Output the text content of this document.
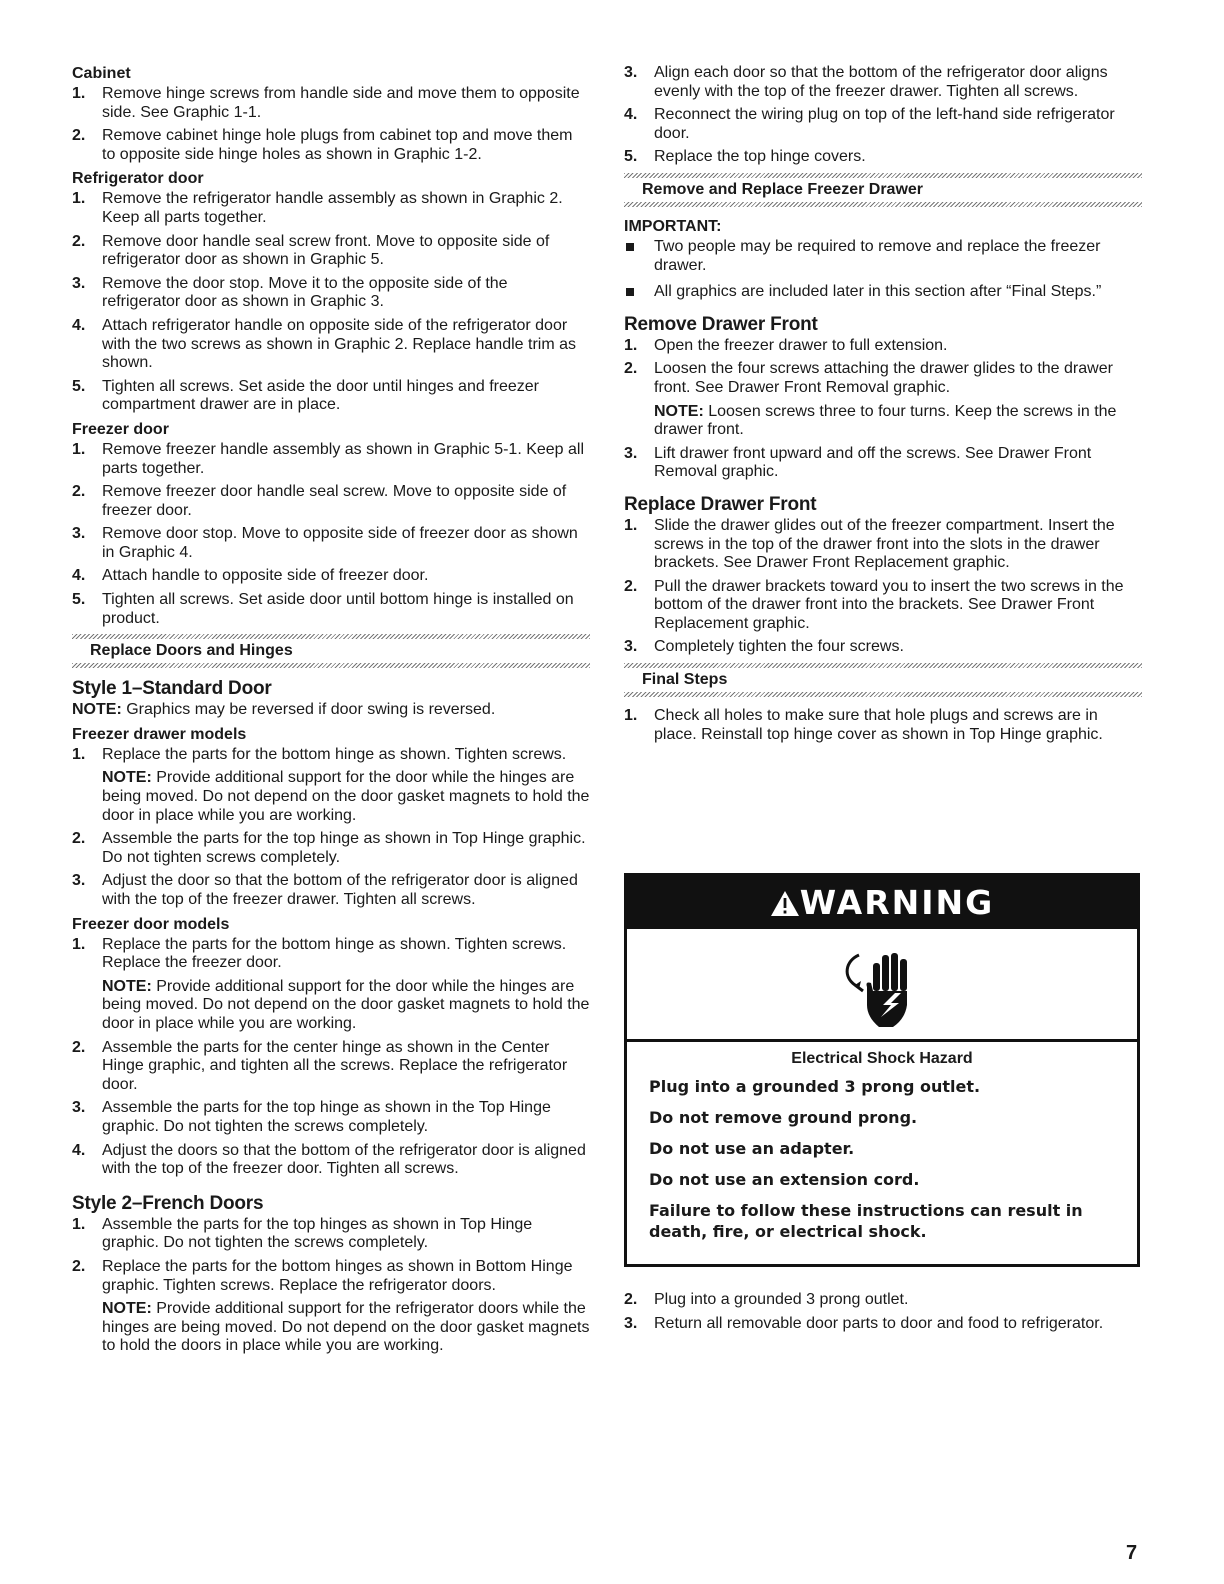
Cabinet
1. Remove hinge screws from handle side and move them to opposite side. See Graphic 1-1.
2. Remove cabinet hinge hole plugs from cabinet top and move them to opposite side hinge holes as shown in Graphic 1-2.
Refrigerator door
1. Remove the refrigerator handle assembly as shown in Graphic 2. Keep all parts together.
2. Remove door handle seal screw front. Move to opposite side of refrigerator door as shown in Graphic 5.
3. Remove the door stop. Move it to the opposite side of the refrigerator door as shown in Graphic 3.
4. Attach refrigerator handle on opposite side of the refrigerator door with the two screws as shown in Graphic 2. Replace handle trim as shown.
5. Tighten all screws. Set aside the door until hinges and freezer compartment drawer are in place.
Freezer door
1. Remove freezer handle assembly as shown in Graphic 5-1. Keep all parts together.
2. Remove freezer door handle seal screw. Move to opposite side of freezer door.
3. Remove door stop. Move to opposite side of freezer door as shown in Graphic 4.
4. Attach handle to opposite side of freezer door.
5. Tighten all screws. Set aside door until bottom hinge is installed on product.
Replace Doors and Hinges
Style 1–Standard Door
NOTE: Graphics may be reversed if door swing is reversed.
Freezer drawer models
1. Replace the parts for the bottom hinge as shown. Tighten screws.
NOTE: Provide additional support for the door while the hinges are being moved. Do not depend on the door gasket magnets to hold the door in place while you are working.
2. Assemble the parts for the top hinge as shown in Top Hinge graphic. Do not tighten screws completely.
3. Adjust the door so that the bottom of the refrigerator door is aligned with the top of the freezer drawer. Tighten all screws.
Freezer door models
1. Replace the parts for the bottom hinge as shown. Tighten screws. Replace the freezer door.
NOTE: Provide additional support for the door while the hinges are being moved. Do not depend on the door gasket magnets to hold the door in place while you are working.
2. Assemble the parts for the center hinge as shown in the Center Hinge graphic, and tighten all the screws. Replace the refrigerator door.
3. Assemble the parts for the top hinge as shown in the Top Hinge graphic. Do not tighten the screws completely.
4. Adjust the doors so that the bottom of the refrigerator door is aligned with the top of the freezer door. Tighten all screws.
Style 2–French Doors
1. Assemble the parts for the top hinges as shown in Top Hinge graphic. Do not tighten the screws completely.
2. Replace the parts for the bottom hinges as shown in Bottom Hinge graphic. Tighten screws. Replace the refrigerator doors.
NOTE: Provide additional support for the refrigerator doors while the hinges are being moved. Do not depend on the door gasket magnets to hold the doors in place while you are working.
3. Align each door so that the bottom of the refrigerator door aligns evenly with the top of the freezer drawer. Tighten all screws.
4. Reconnect the wiring plug on top of the left-hand side refrigerator door.
5. Replace the top hinge covers.
Remove and Replace Freezer Drawer
IMPORTANT:
Two people may be required to remove and replace the freezer drawer.
All graphics are included later in this section after “Final Steps.”
Remove Drawer Front
1. Open the freezer drawer to full extension.
2. Loosen the four screws attaching the drawer glides to the drawer front. See Drawer Front Removal graphic.
NOTE: Loosen screws three to four turns. Keep the screws in the drawer front.
3. Lift drawer front upward and off the screws. See Drawer Front Removal graphic.
Replace Drawer Front
1. Slide the drawer glides out of the freezer compartment. Insert the screws in the top of the drawer front into the slots in the drawer brackets. See Drawer Front Replacement graphic.
2. Pull the drawer brackets toward you to insert the two screws in the bottom of the drawer front into the brackets. See Drawer Front Replacement graphic.
3. Completely tighten the four screws.
Final Steps
1. Check all holes to make sure that hole plugs and screws are in place. Reinstall top hinge cover as shown in Top Hinge graphic.
WARNING
Electrical Shock Hazard
Plug into a grounded 3 prong outlet.
Do not remove ground prong.
Do not use an adapter.
Do not use an extension cord.
Failure to follow these instructions can result in death, fire, or electrical shock.
2. Plug into a grounded 3 prong outlet.
3. Return all removable door parts to door and food to refrigerator.
7
